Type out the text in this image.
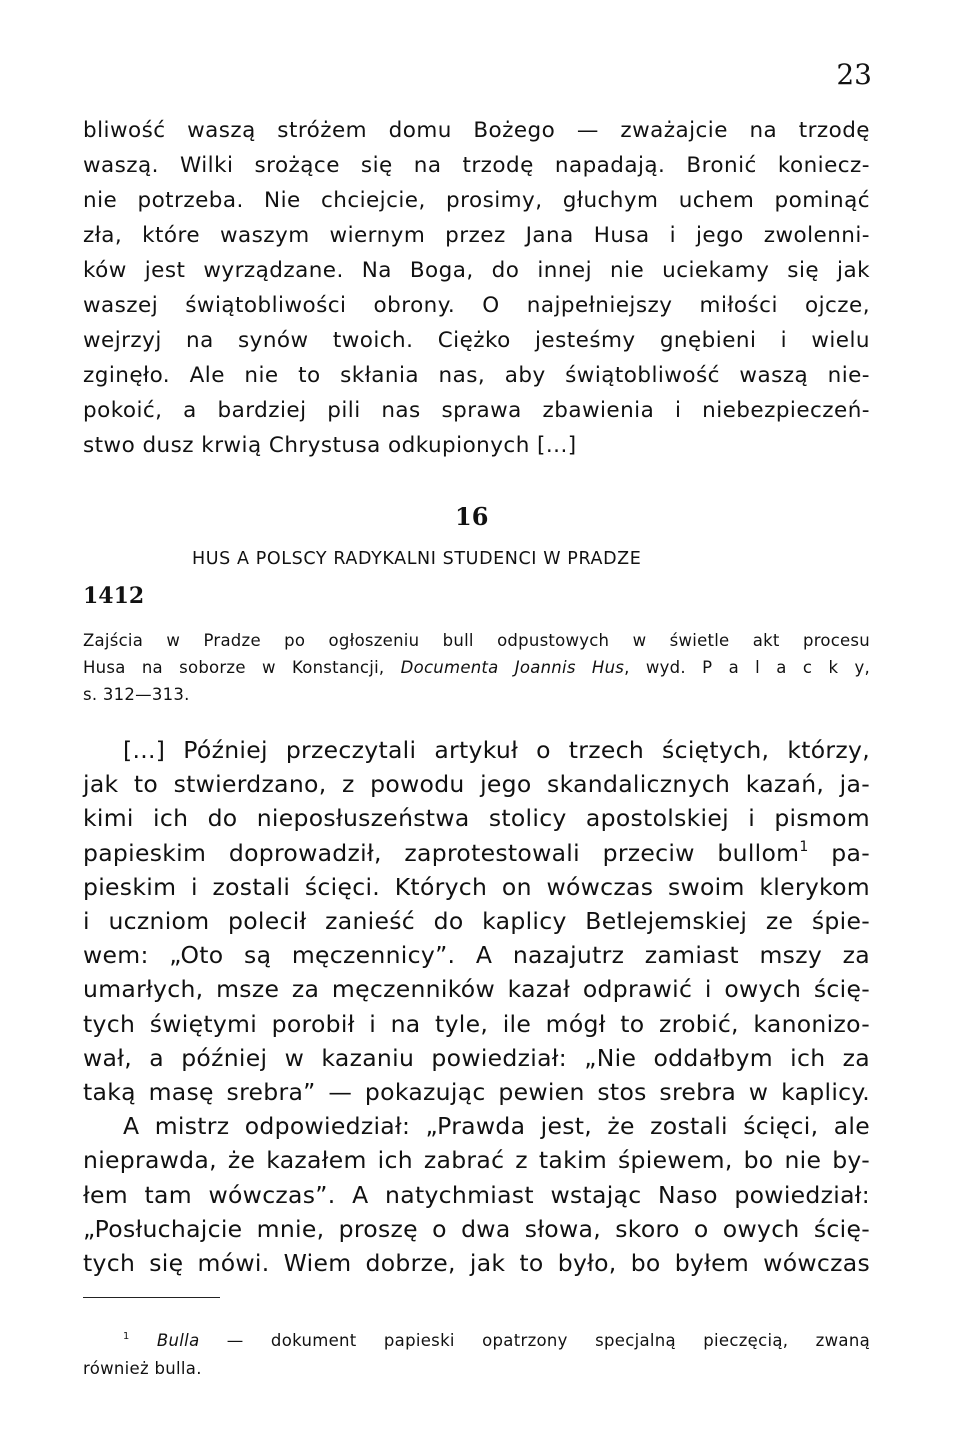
23
bliwość waszą stróżem domu Bożego — zważajcie na trzodę
waszą. Wilki srożące się na trzodę napadają. Bronić koniecz-
nie potrzeba. Nie chciejcie, prosimy, głuchym uchem pominąć
zła, które waszym wiernym przez Jana Husa i jego zwolenni-
ków jest wyrządzane. Na Boga, do innej nie uciekamy się jak
waszej świątobliwości obrony. O najpełniejszy miłości ojcze,
wejrzyj na synów twoich. Ciężko jesteśmy gnębieni i wielu
zginęło. Ale nie to skłania nas, aby świątobliwość waszą nie-
pokoić, a bardziej pili nas sprawa zbawienia i niebezpieczeń-
stwo dusz krwią Chrystusa odkupionych [...]
16
HUS A POLSCY RADYKALNI STUDENCI W PRADZE
1412
Zajścia w Pradze po ogłoszeniu bull odpustowych w świetle akt procesu
Husa na soborze w Konstancji, Documenta Joannis Hus, wyd. P a l a c k y,
s. 312—313.
[...] Później przeczytali artykuł o trzech ściętych, którzy,
jak to stwierdzano, z powodu jego skandalicznych kazań, ja-
kimi ich do nieposłuszeństwa stolicy apostolskiej i pismom
papieskim doprowadził, zaprotestowali przeciw bullom$^1$ pa-
pieskim i zostali ścięci. Których on wówczas swoim klerykom
i uczniom polecił zanieść do kaplicy Betlejemskiej ze śpie-
wem: „Oto są męczennicy”. A nazajutrz zamiast mszy za
umarłych, msze za męczenników kazał odprawić i owych ścię-
tych świętymi porobił i na tyle, ile mógł to zrobić, kanonizo-
wał, a później w kazaniu powiedział: „Nie oddałbym ich za
taką masę srebra” — pokazując pewien stos srebra w kaplicy.
A mistrz odpowiedział: „Prawda jest, że zostali ścięci, ale
nieprawda, że kazałem ich zabrać z takim śpiewem, bo nie by-
łem tam wówczas”. A natychmiast wstając Naso powiedział:
„Posłuchajcie mnie, proszę o dwa słowa, skoro o owych ścię-
tych się mówi. Wiem dobrze, jak to było, bo byłem wówczas
$^1$ Bulla — dokument papieski opatrzony specjalną pieczęcią, zwaną
również bulla.
